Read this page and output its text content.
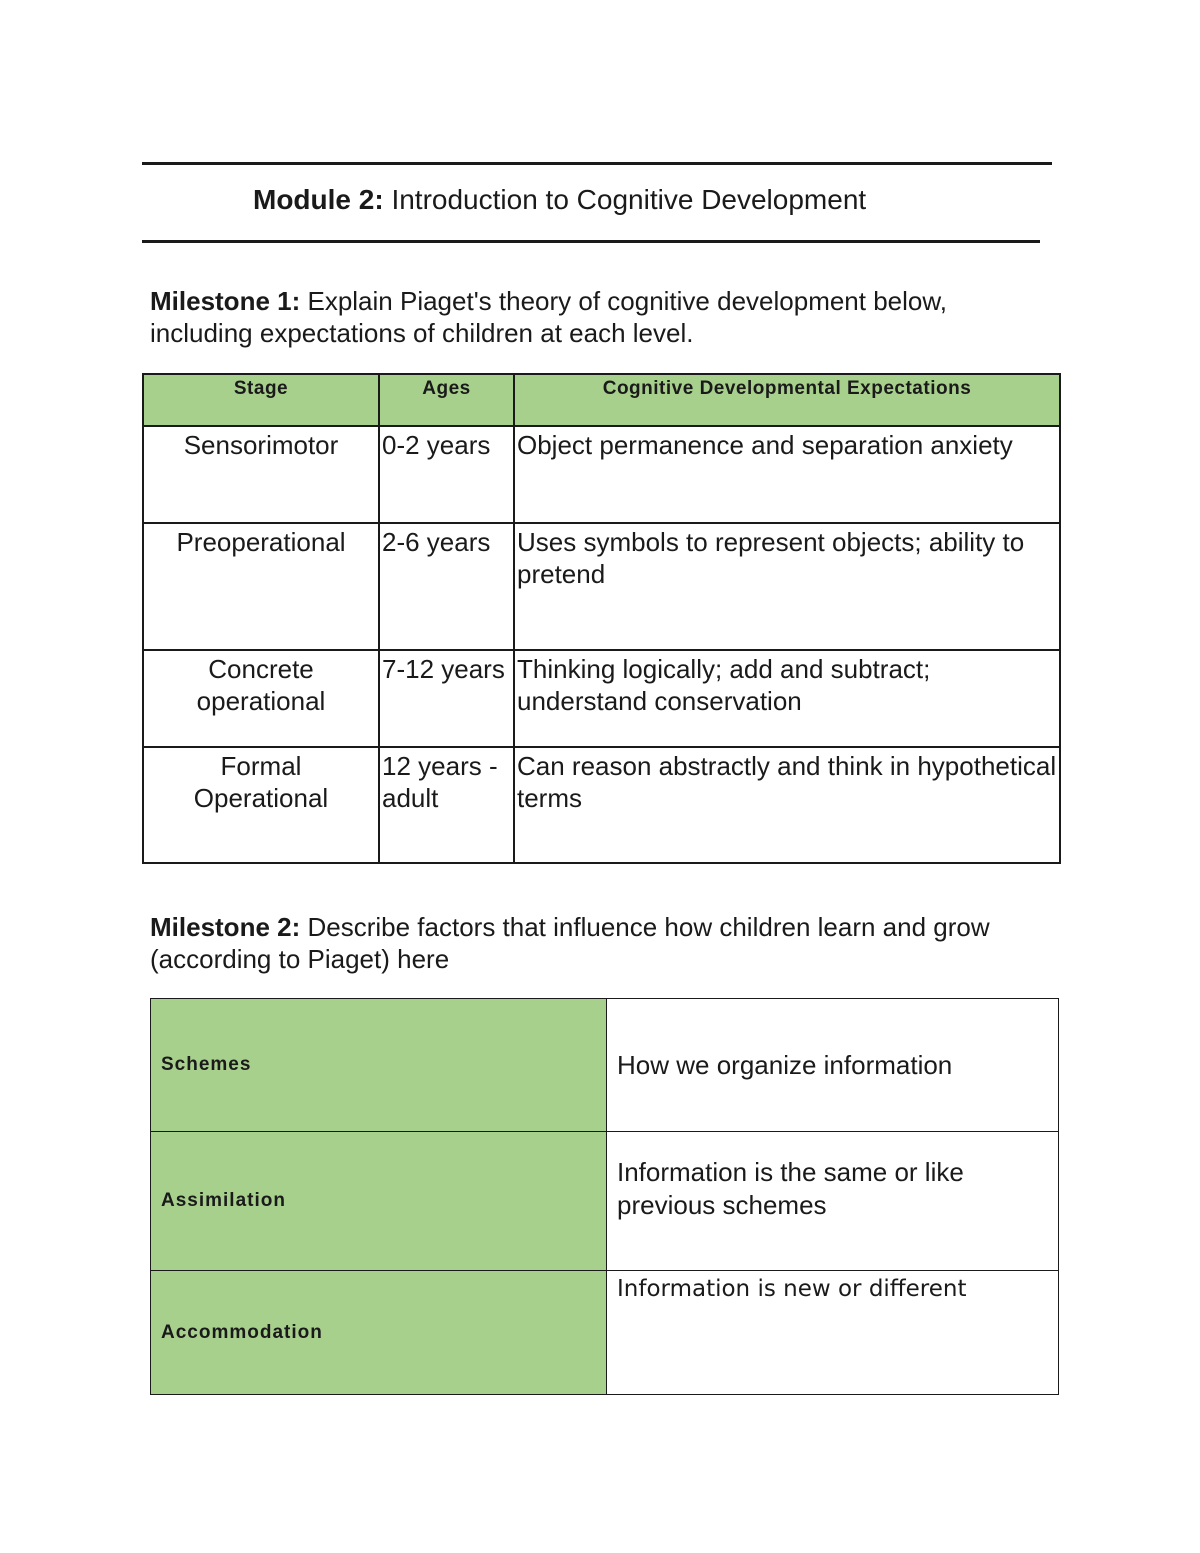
Module 2: Introduction to Cognitive Development
Milestone 1: Explain Piaget's theory of cognitive development below, including expectations of children at each level.
Stage	Ages	Cognitive Developmental Expectations
Sensorimotor	0-2 years	Object permanence and separation anxiety
Preoperational	2-6 years	Uses symbols to represent objects; ability to pretend
Concrete operational	7-12 years	Thinking logically; add and subtract; understand conservation
Formal Operational	12 years - adult	Can reason abstractly and think in hypothetical terms
Milestone 2: Describe factors that influence how children learn and grow (according to Piaget) here
Schemes	How we organize information
Assimilation	Information is the same or like previous schemes
Accommodation	Information is new or different
